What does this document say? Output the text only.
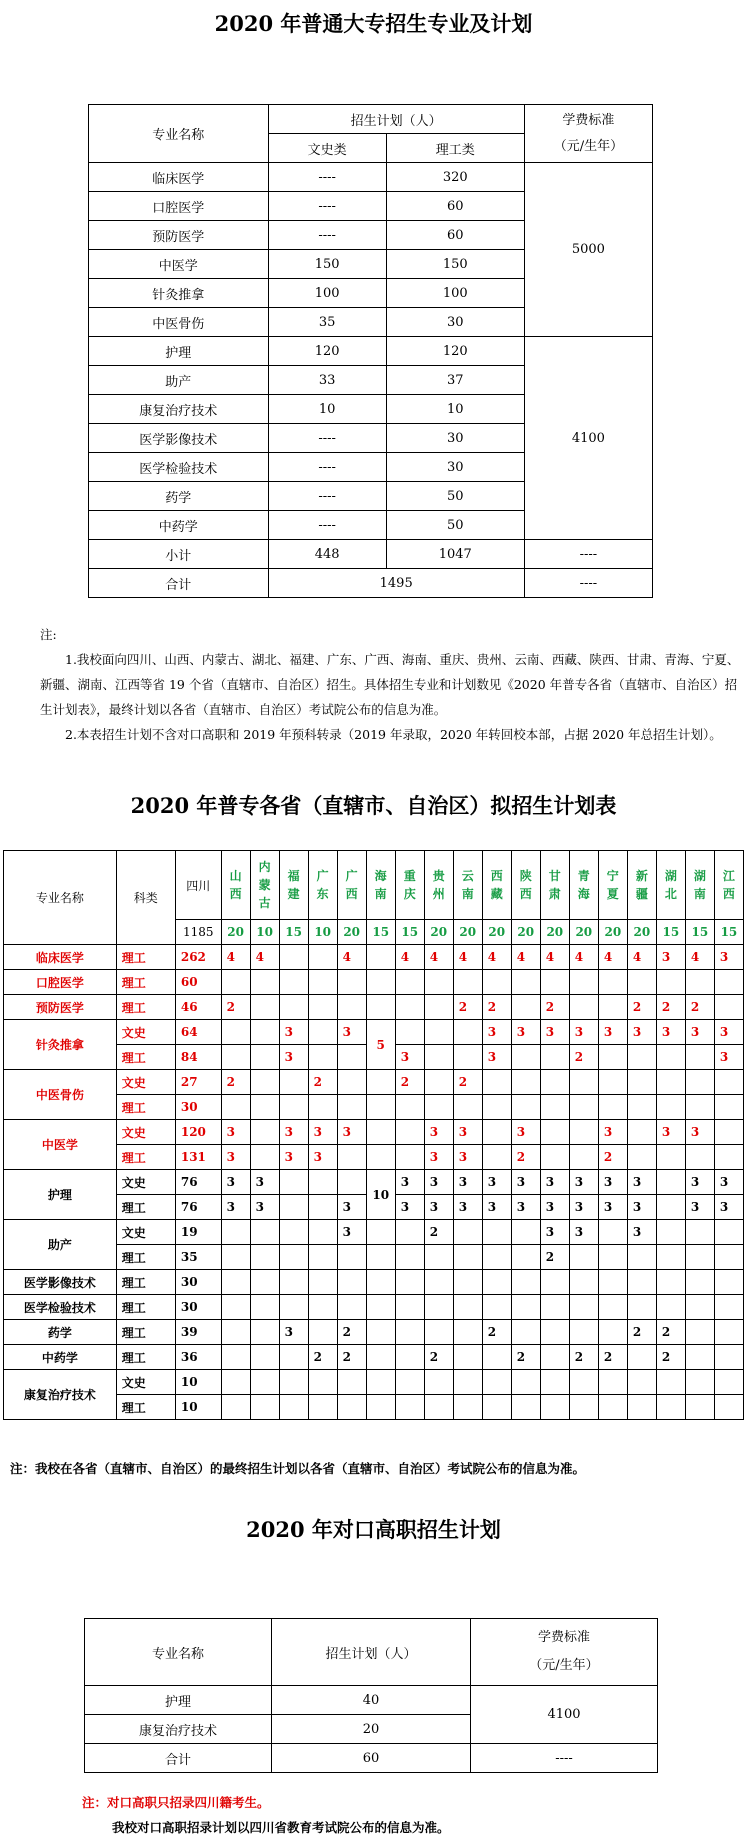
2020 年普通大专招生专业及计划
专业名称	招生计划（人）		学费标准
（元/生年）
	文史类	理工类	
临床医学	----	320	5000
口腔医学	----	60	
预防医学	----	60	
中医学	150	150	
针灸推拿	100	100	
中医骨伤	35	30	
护理	120	120	4100
助产	33	37	
康复治疗技术	10	10	
医学影像技术	----	30	
医学检验技术	----	30	
药学	----	50	
中药学	----	50	
小计	448	1047	----
合计	1495		----

注:

1.我校面向四川、山西、内蒙古、湖北、福建、广东、广西、海南、重庆、贵州、云南、西藏、陕西、甘肃、青海、宁夏、新疆、湖南、江西等省 19 个省（直辖市、自治区）招生。具体招生专业和计划数见《2020 年普专各省（直辖市、自治区）招生计划表》，最终计划以各省（直辖市、自治区）考试院公布的信息为准。

2.本表招生计划不含对口高职和 2019 年预科转录（2019 年录取，2020 年转回校本部，占据 2020 年总招生计划）。

2020 年普专各省（直辖市、自治区）拟招生计划表
专业名称	科类	四川	山西	内蒙古	福建	广东	广西	海南	重庆	贵州	云南	西藏	陕西	甘肃	青海	宁夏	新疆	湖北	湖南	江西
		1185	20	10	15	10	20	15	15	20	20	20	20	20	20	20	20	15	15	15
临床医学	理工	262	4	4			4		4	4	4	4	4	4	4	4	4	3	4	3
口腔医学	理工	60																		
预防医学	理工	46	2								2	2		2			2	2	2	
针灸推拿	文史	64			3		3	5				3	3	3	3	3	3	3	3	3
	理工	84			3				3			3			2					3
中医骨伤	文史	27	2			2			2		2									
	理工	30																		
中医学	文史	120	3		3	3	3			3	3		3			3		3	3	
	理工	131	3		3	3				3	3		2			2				
护理	文史	76	3	3				10	3	3	3	3	3	3	3	3	3		3	3
	理工	76	3	3			3		3	3	3	3	3	3	3	3	3		3	3
助产	文史	19					3			2				3	3		3			
	理工	35												2						
医学影像技术	理工	30																		
医学检验技术	理工	30																		
药学	理工	39			3		2					2					2	2		
中药学	理工	36				2	2			2			2		2	2		2		
康复治疗技术	文史	10																		
	理工	10																		
注：我校在各省（直辖市、自治区）的最终招生计划以各省（直辖市、自治区）考试院公布的信息为准。
2020 年对口高职招生计划
专业名称	招生计划（人）	学费标准
（元/生年）
护理	40	4100
康复治疗技术	20	
合计	60	----

注：对口高职只招录四川籍考生。

我校对口高职招录计划以四川省教育考试院公布的信息为准。
